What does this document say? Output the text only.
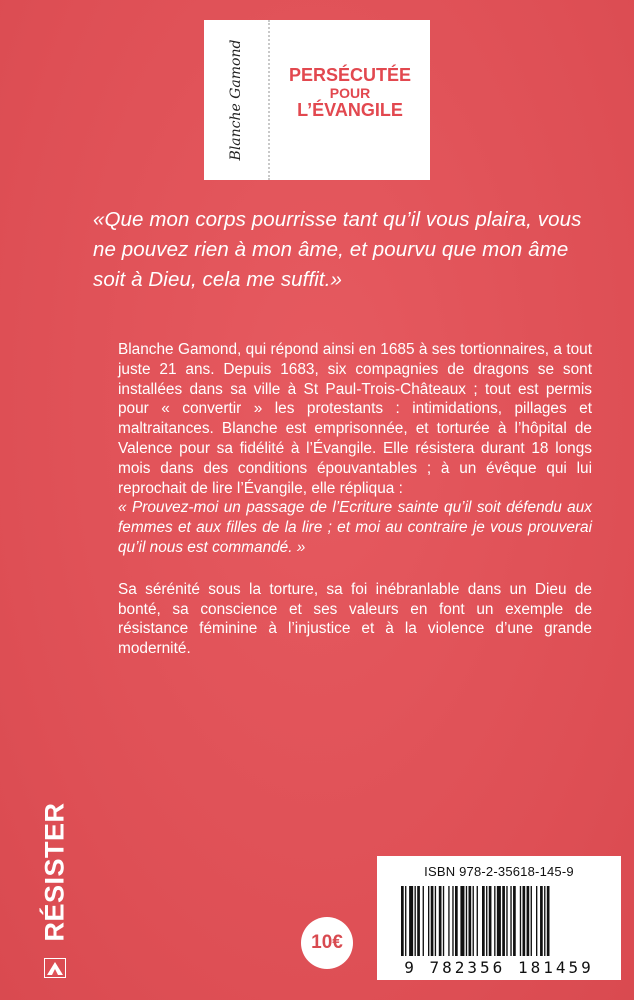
Blanche Gamond	PERSÉCUTÉE
POUR
L’ÉVANGILE
«Que mon corps pourrisse tant qu’il vous plaira, vous ne pouvez rien à mon âme, et pourvu que mon âme soit à Dieu, cela me suffit.»

Blanche Gamond, qui répond ainsi en 1685 à ses tortionnaires, a tout juste 21 ans. Depuis 1683, six compagnies de dragons se sont installées dans sa ville à St Paul-Trois-Châteaux ; tout est permis pour « convertir » les protestants : intimidations, pillages et maltraitances. Blanche est emprisonnée, et torturée à l’hôpital de Valence pour sa fidélité à l’Évangile. Elle résistera durant 18 longs mois dans des conditions épouvantables ; à un évêque qui lui reprochait de lire l’Évangile, elle répliqua :

« Prouvez-moi un passage de l’Ecriture sainte qu’il soit défendu aux femmes et aux filles de la lire ; et moi au contraire je vous prouverai qu’il nous est commandé. »

Sa sérénité sous la torture, sa foi inébranlable dans un Dieu de bonté, sa conscience et ses valeurs en font un exemple de résistance féminine à l’injustice et à la violence d’une grande modernité.

RÉSISTER
10€
ISBN 978-2-35618-145-9
9 782356 181459
